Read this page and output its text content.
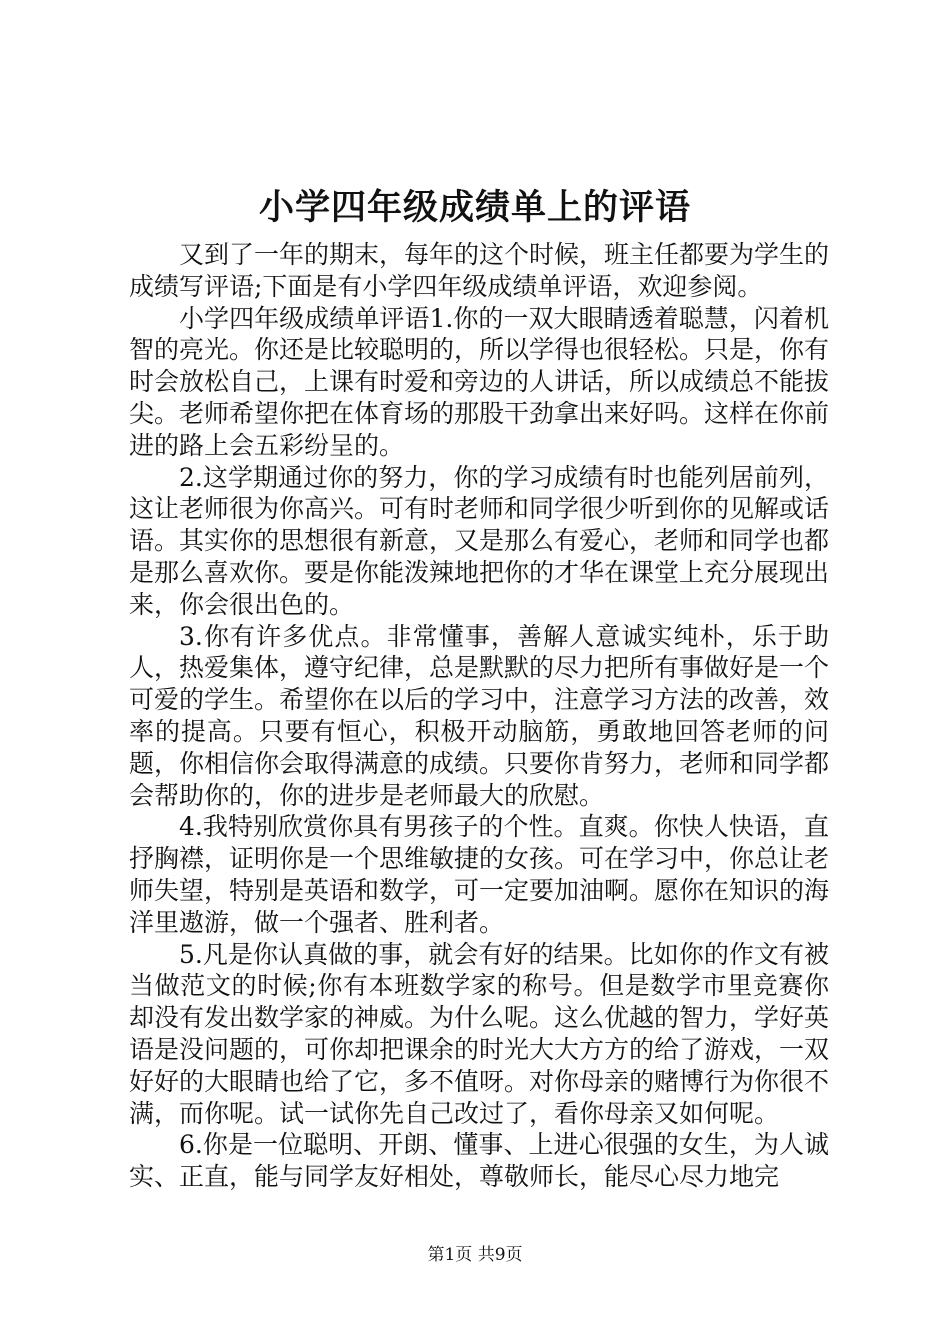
小学四年级成绩单上的评语

又到了一年的期末，每年的这个时候，班主任都要为学生的成绩写评语;下面是有小学四年级成绩单评语，欢迎参阅。

小学四年级成绩单评语1.你的一双大眼睛透着聪慧，闪着机智的亮光。你还是比较聪明的，所以学得也很轻松。只是，你有时会放松自己，上课有时爱和旁边的人讲话，所以成绩总不能拔尖。老师希望你把在体育场的那股干劲拿出来好吗。这样在你前进的路上会五彩纷呈的。

2.这学期通过你的努力，你的学习成绩有时也能列居前列，这让老师很为你高兴。可有时老师和同学很少听到你的见解或话语。其实你的思想很有新意，又是那么有爱心，老师和同学也都是那么喜欢你。要是你能泼辣地把你的才华在课堂上充分展现出来，你会很出色的。

3.你有许多优点。非常懂事，善解人意诚实纯朴，乐于助人，热爱集体，遵守纪律，总是默默的尽力把所有事做好是一个可爱的学生。希望你在以后的学习中，注意学习方法的改善，效率的提高。只要有恒心，积极开动脑筋，勇敢地回答老师的问题，你相信你会取得满意的成绩。只要你肯努力，老师和同学都会帮助你的，你的进步是老师最大的欣慰。

4.我特别欣赏你具有男孩子的个性。直爽。你快人快语，直抒胸襟，证明你是一个思维敏捷的女孩。可在学习中，你总让老师失望，特别是英语和数学，可一定要加油啊。愿你在知识的海洋里遨游，做一个强者、胜利者。

5.凡是你认真做的事，就会有好的结果。比如你的作文有被当做范文的时候;你有本班数学家的称号。但是数学市里竞赛你却没有发出数学家的神威。为什么呢。这么优越的智力，学好英语是没问题的，可你却把课余的时光大大方方的给了游戏，一双好好的大眼睛也给了它，多不值呀。对你母亲的赌博行为你很不满，而你呢。试一试你先自己改过了，看你母亲又如何呢。

6.你是一位聪明、开朗、懂事、上进心很强的女生，为人诚实、正直，能与同学友好相处，尊敬师长，能尽心尽力地完

第1页 共9页
